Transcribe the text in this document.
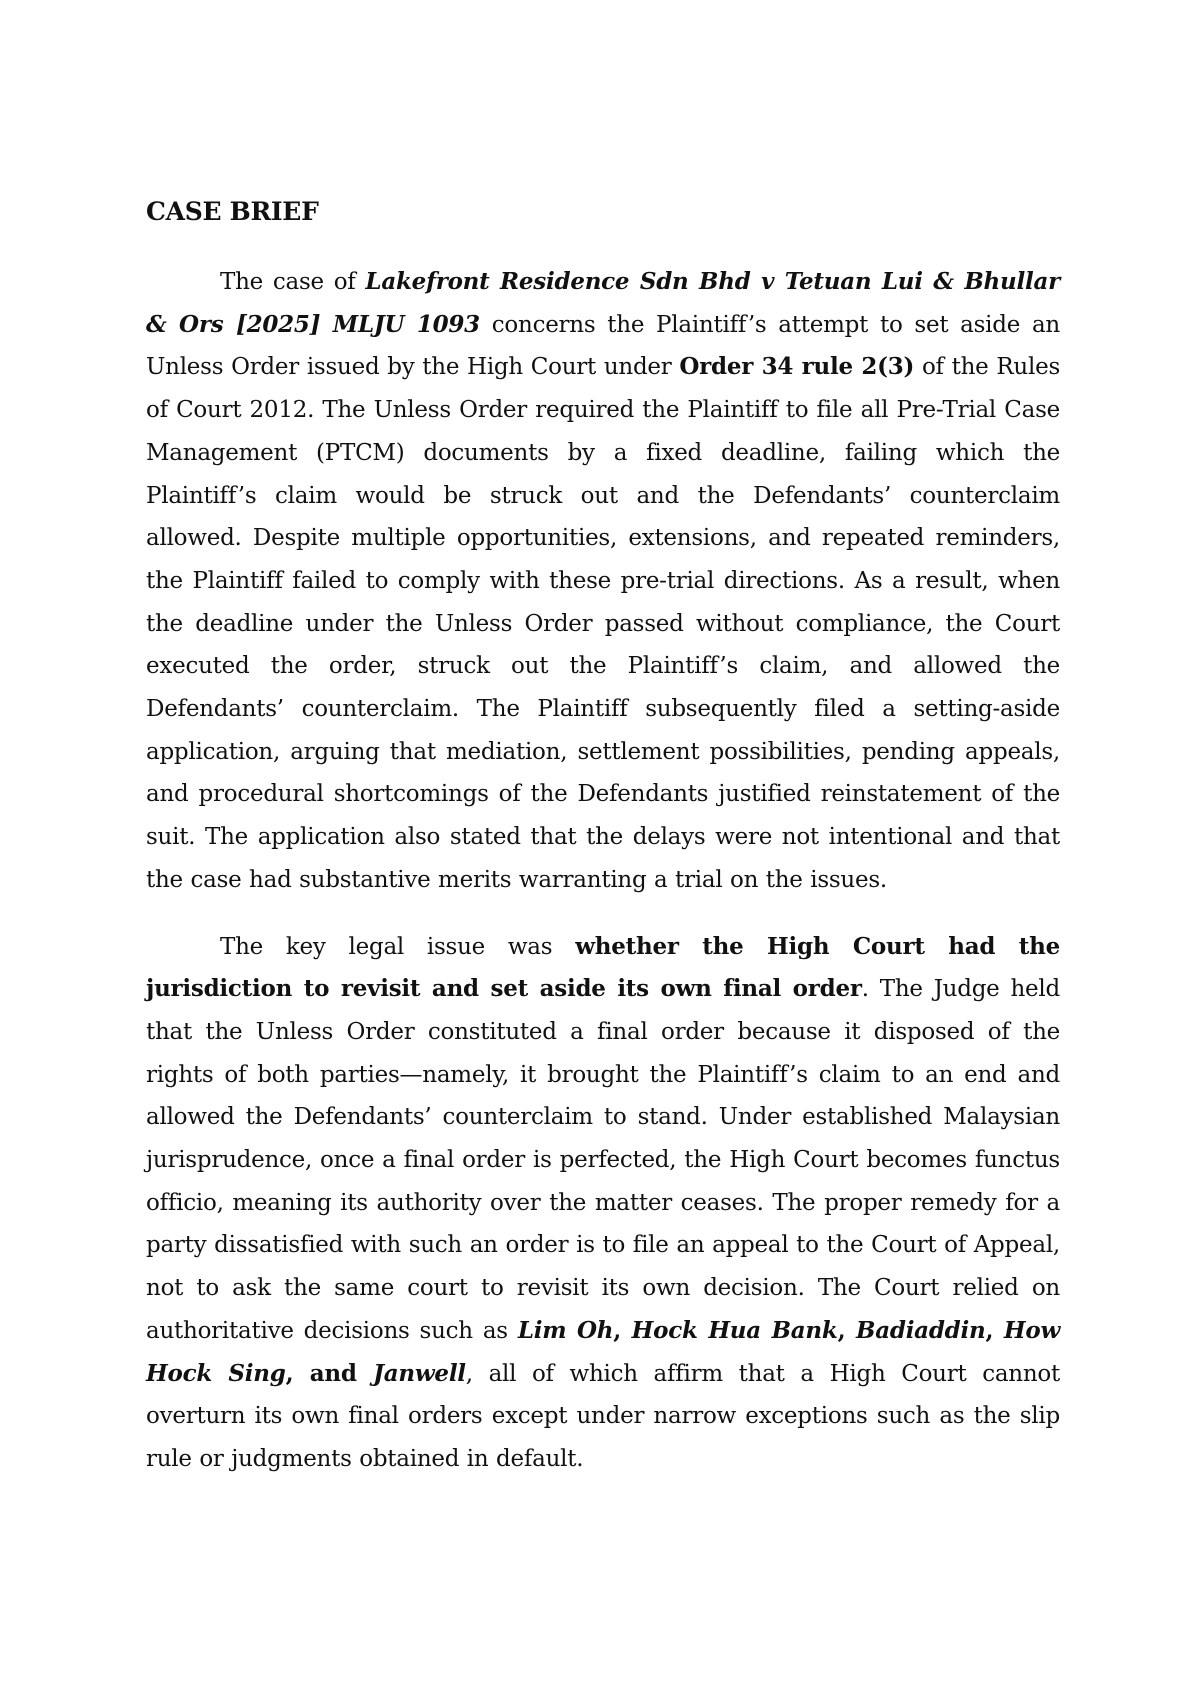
CASE BRIEF

The case of Lakefront Residence Sdn Bhd v Tetuan Lui & Bhullar & Ors [2025] MLJU 1093 concerns the Plaintiff’s attempt to set aside an Unless Order issued by the High Court under Order 34 rule 2(3) of the Rules of Court 2012. The Unless Order required the Plaintiff to file all Pre-Trial Case Management (PTCM) documents by a fixed deadline, failing which the Plaintiff’s claim would be struck out and the Defendants’ counterclaim allowed. Despite multiple opportunities, extensions, and repeated reminders, the Plaintiff failed to comply with these pre-trial directions. As a result, when the deadline under the Unless Order passed without compliance, the Court executed the order, struck out the Plaintiff’s claim, and allowed the Defendants’ counterclaim. The Plaintiff subsequently filed a setting-aside application, arguing that mediation, settlement possibilities, pending appeals, and procedural shortcomings of the Defendants justified reinstatement of the suit. The application also stated that the delays were not intentional and that the case had substantive merits warranting a trial on the issues.

The key legal issue was whether the High Court had the jurisdiction to revisit and set aside its own final order. The Judge held that the Unless Order constituted a final order because it disposed of the rights of both parties—namely, it brought the Plaintiff’s claim to an end and allowed the Defendants’ counterclaim to stand. Under established Malaysian jurisprudence, once a final order is perfected, the High Court becomes functus officio, meaning its authority over the matter ceases. The proper remedy for a party dissatisfied with such an order is to file an appeal to the Court of Appeal, not to ask the same court to revisit its own decision. The Court relied on authoritative decisions such as Lim Oh, Hock Hua Bank, Badiaddin, How Hock Sing, and Janwell, all of which affirm that a High Court cannot overturn its own final orders except under narrow exceptions such as the slip rule or judgments obtained in default.
